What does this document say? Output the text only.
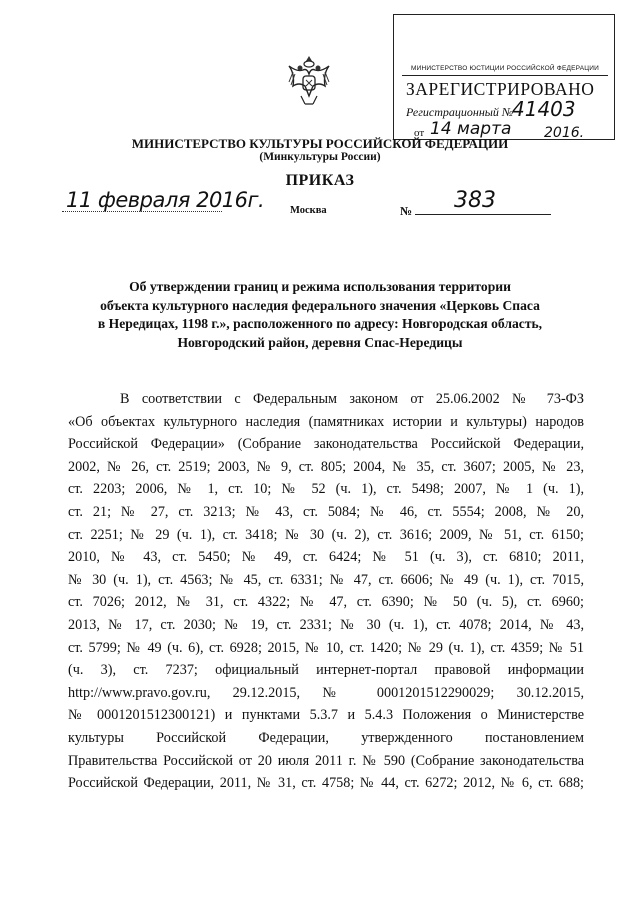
МИНИСТЕРСТВО ЮСТИЦИИ РОССИЙСКОЙ ФЕДЕРАЦИИ
ЗАРЕГИСТРИРОВАНО
Регистрационный №
41403
от 14 марта 2016.
МИНИСТЕРСТВО КУЛЬТУРЫ РОССИЙСКОЙ ФЕДЕРАЦИИ
(Минкультуры России)
ПРИКАЗ
11 февраля 2016г. Москва	№ 383
Об утверждении границ и режима использования территории
объекта культурного наследия федерального значения «Церковь Спаса
в Нередицах, 1198 г.», расположенного по адресу: Новгородская область,
Новгородский район, деревня Спас-Нередицы
В соответствии с Федеральным законом от 25.06.2002 № 73-ФЗ
«Об объектах культурного наследия (памятниках истории и культуры) народов
Российской Федерации» (Собрание законодательства Российской Федерации,
2002, № 26, ст. 2519; 2003, № 9, ст. 805; 2004, № 35, ст. 3607; 2005, № 23,
ст. 2203; 2006, № 1, ст. 10; № 52 (ч. 1), ст. 5498; 2007, № 1 (ч. 1),
ст. 21; № 27, ст. 3213; № 43, ст. 5084; № 46, ст. 5554; 2008, № 20,
ст. 2251; № 29 (ч. 1), ст. 3418; № 30 (ч. 2), ст. 3616; 2009, № 51, ст. 6150;
2010, № 43, ст. 5450; № 49, ст. 6424; № 51 (ч. 3), ст. 6810; 2011,
№ 30 (ч. 1), ст. 4563; № 45, ст. 6331; № 47, ст. 6606; № 49 (ч. 1), ст. 7015,
ст. 7026; 2012, № 31, ст. 4322; № 47, ст. 6390; № 50 (ч. 5), ст. 6960;
2013, № 17, ст. 2030; № 19, ст. 2331; № 30 (ч. 1), ст. 4078; 2014, № 43,
ст. 5799; № 49 (ч. 6), ст. 6928; 2015, № 10, ст. 1420; № 29 (ч. 1), ст. 4359; № 51
(ч. 3), ст. 7237; официальный интернет-портал правовой информации
http://www.pravo.gov.ru, 29.12.2015, № 0001201512290029; 30.12.2015,
№ 0001201512300121) и пунктами 5.3.7 и 5.4.3 Положения о Министерстве
культуры Российской Федерации, утвержденного постановлением
Правительства Российской от 20 июля 2011 г. № 590 (Собрание законодательства
Российской Федерации, 2011, № 31, ст. 4758; № 44, ст. 6272; 2012, № 6, ст. 688;
